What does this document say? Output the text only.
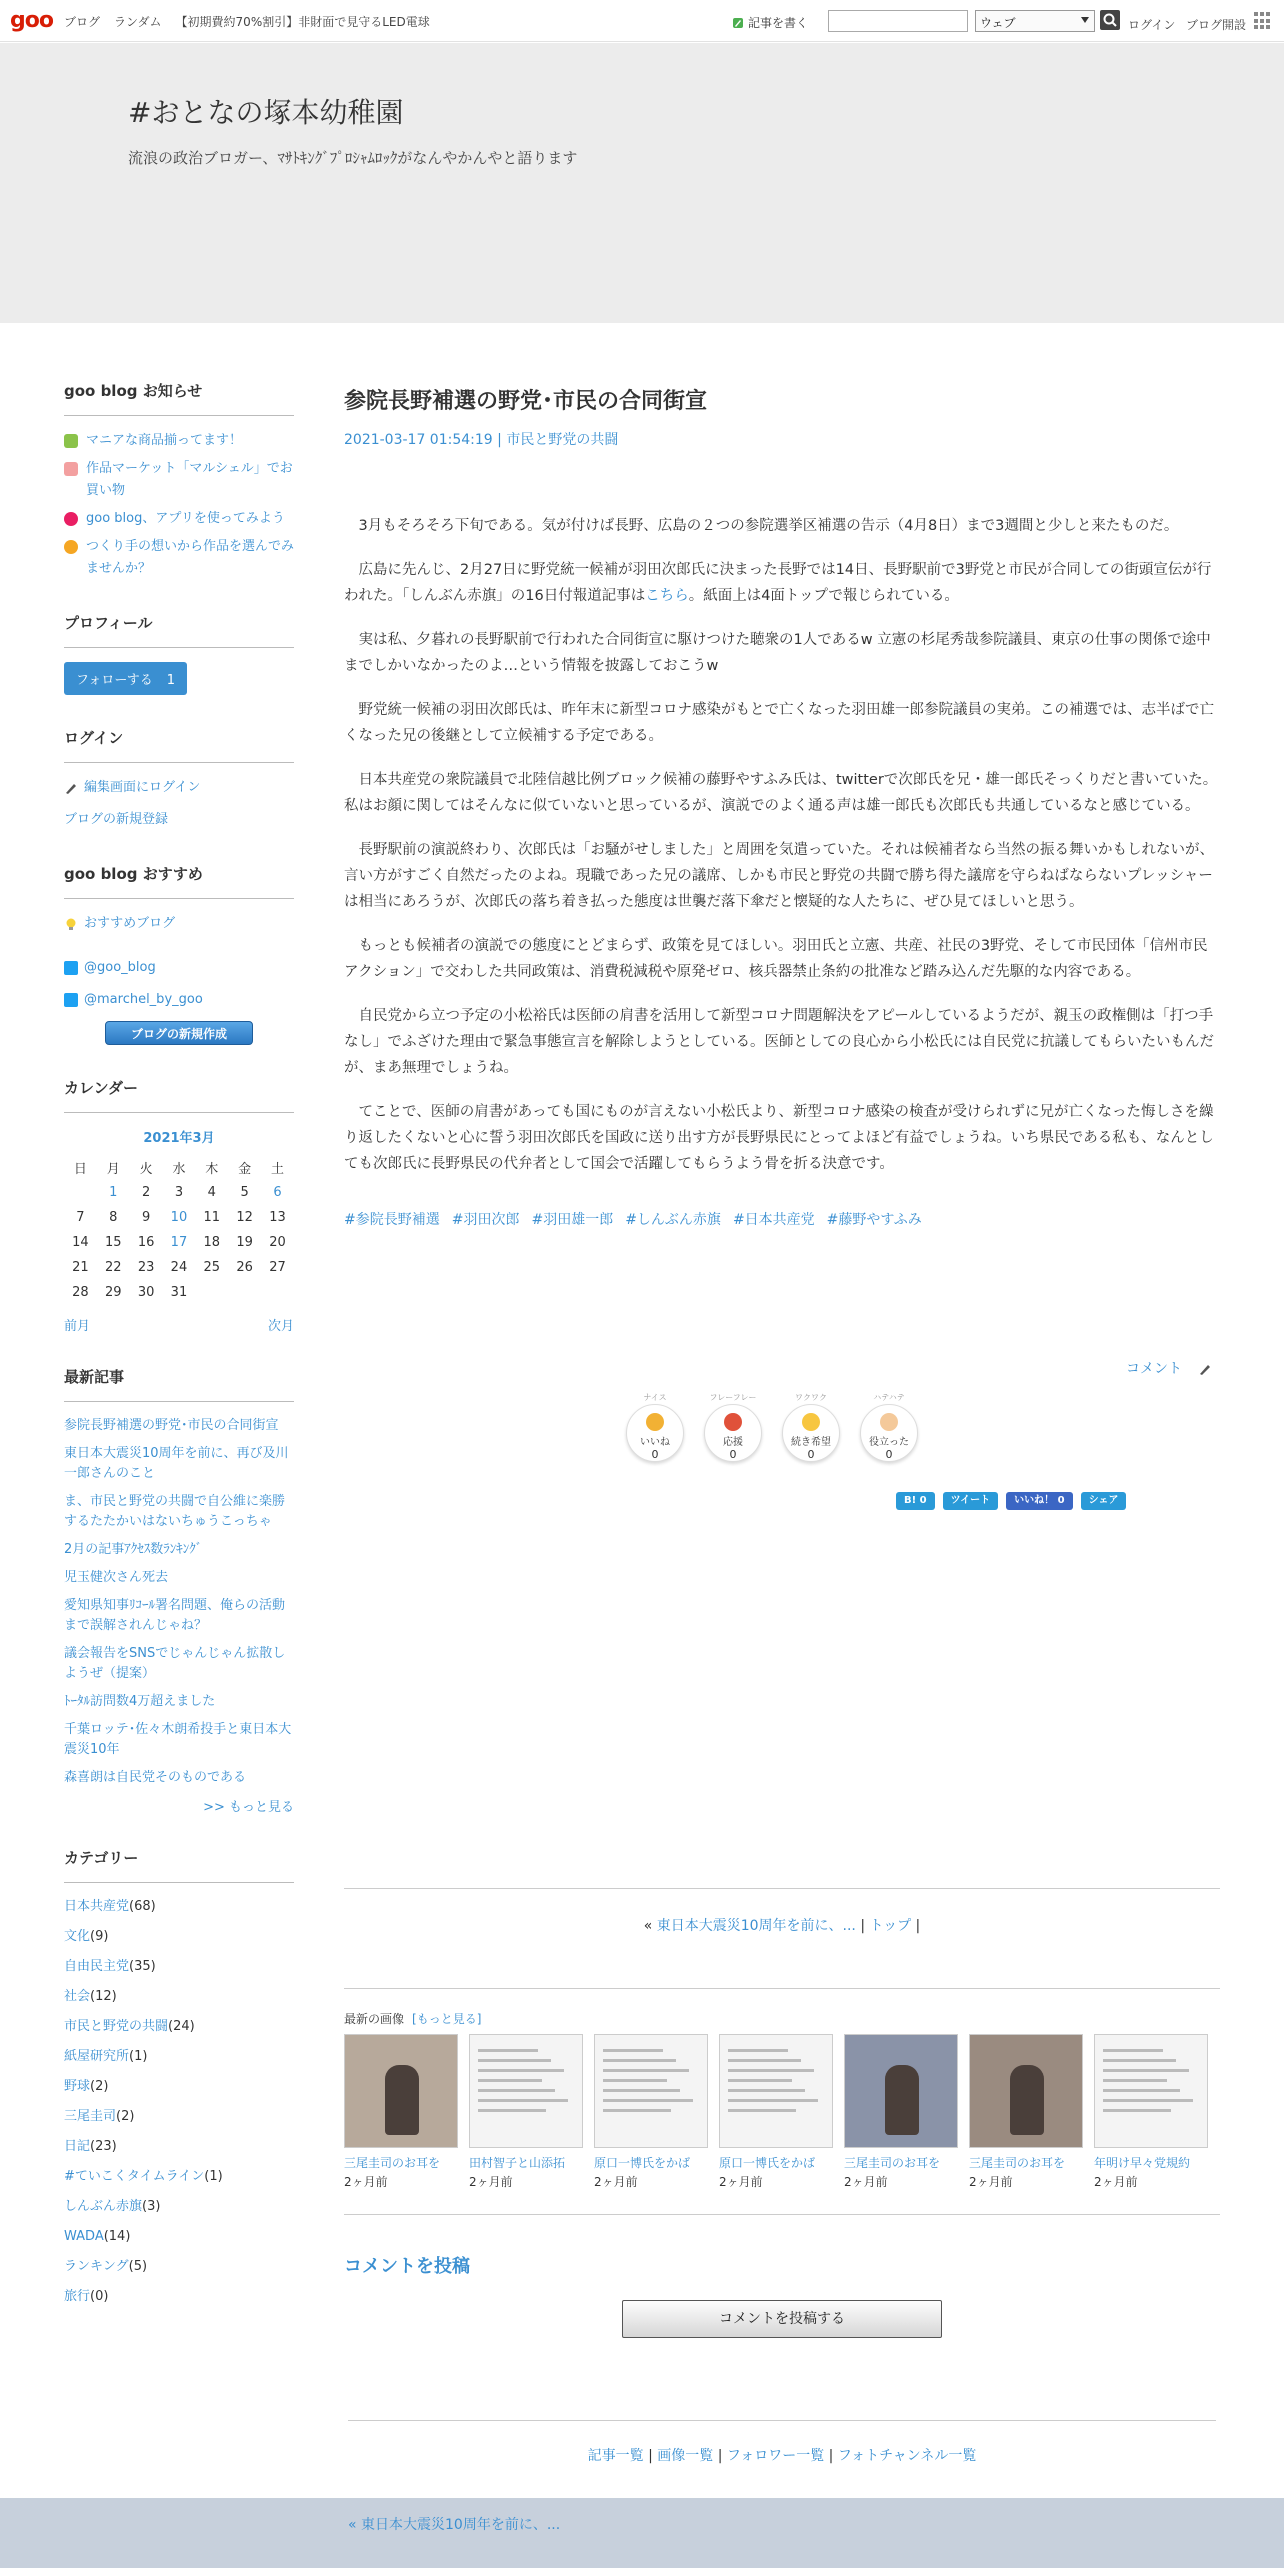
goo ブログ ランダム 【初期費約70%割引】非財面で見守るLED電球	記事を書く	ウェブ	ログイン ブログ開設
#おとなの塚本幼稚園
流浪の政治ブロガー、ﾏｻﾄｷﾝｸﾞﾌﾟﾛｼｬﾑﾛｯｸがなんやかんやと語ります
goo blog お知らせ
マニアな商品揃ってます！
作品マーケット「マルシェル」でお買い物
goo blog、アプリを使ってみよう
つくり手の想いから作品を選んでみませんか？
プロフィール
フォローする 1
ログイン
編集画面にログイン
ブログの新規登録
goo blog おすすめ
おすすめブログ
@goo_blog
@marchel_by_goo
ブログの新規作成
カレンダー
2021年3月
日	月	火	水	木	金	土
	1	2	3	4	5	6
7	8	9	10	11	12	13
14	15	16	17	18	19	20
21	22	23	24	25	26	27
28	29	30	31			
前月	次月
最新記事
参院長野補選の野党･市民の合同街宣
東日本大震災10周年を前に、再び及川一郎さんのこと
ま、市民と野党の共闘で自公維に楽勝するたたかいはないちゅうこっちゃ
2月の記事ｱｸｾｽ数ﾗﾝｷﾝｸﾞ
児玉健次さん死去
愛知県知事ﾘｺｰﾙ署名問題、俺らの活動まで誤解されんじゃね？
議会報告をSNSでじゃんじゃん拡散しようぜ（提案）
ﾄｰﾀﾙ訪問数4万超えました
千葉ロッテ･佐々木朗希投手と東日本大震災10年
森喜朗は自民党そのものである
>> もっと見る
カテゴリー
日本共産党(68)
文化(9)
自由民主党(35)
社会(12)
市民と野党の共闘(24)
紙屋研究所(1)
野球(2)
三尾圭司(2)
日記(23)
#ていこくタイムライン(1)
しんぶん赤旗(3)
WADA(14)
ランキング(5)
旅行(0)
参院長野補選の野党･市民の合同街宣
2021-03-17 01:54:19 | 市民と野党の共闘

3月もそろそろ下旬である。気が付けば長野、広島の２つの参院選挙区補選の告示（4月8日）まで3週間と少しと来たものだ。

広島に先んじ、2月27日に野党統一候補が羽田次郎氏に決まった長野では14日、長野駅前で3野党と市民が合同しての街頭宣伝が行われた。「しんぶん赤旗」の16日付報道記事はこちら。紙面上は4面トップで報じられている。

実は私、夕暮れの長野駅前で行われた合同街宣に駆けつけた聴衆の1人であるw 立憲の杉尾秀哉参院議員、東京の仕事の関係で途中までしかいなかったのよ…という情報を披露しておこうw

野党統一候補の羽田次郎氏は、昨年末に新型コロナ感染がもとで亡くなった羽田雄一郎参院議員の実弟。この補選では、志半ばで亡くなった兄の後継として立候補する予定である。

日本共産党の衆院議員で北陸信越比例ブロック候補の藤野やすふみ氏は、twitterで次郎氏を兄・雄一郎氏そっくりだと書いていた。私はお顔に関してはそんなに似ていないと思っているが、演説でのよく通る声は雄一郎氏も次郎氏も共通しているなと感じている。

長野駅前の演説終わり、次郎氏は「お騒がせしました」と周囲を気遣っていた。それは候補者なら当然の振る舞いかもしれないが、言い方がすごく自然だったのよね。現職であった兄の議席、しかも市民と野党の共闘で勝ち得た議席を守らねばならないプレッシャーは相当にあろうが、次郎氏の落ち着き払った態度は世襲だ落下傘だと懐疑的な人たちに、ぜひ見てほしいと思う。

もっとも候補者の演説での態度にとどまらず、政策を見てほしい。羽田氏と立憲、共産、社民の3野党、そして市民団体「信州市民アクション」で交わした共同政策は、消費税減税や原発ゼロ、核兵器禁止条約の批准など踏み込んだ先駆的な内容である。

自民党から立つ予定の小松裕氏は医師の肩書を活用して新型コロナ問題解決をアピールしているようだが、親玉の政権側は「打つ手なし」でふざけた理由で緊急事態宣言を解除しようとしている。医師としての良心から小松氏には自民党に抗議してもらいたいもんだが、まあ無理でしょうね。

てことで、医師の肩書があっても国にものが言えない小松氏より、新型コロナ感染の検査が受けられずに兄が亡くなった悔しさを繰り返したくないと心に誓う羽田次郎氏を国政に送り出す方が長野県民にとってよほど有益でしょうね。いち県民である私も、なんとしても次郎氏に長野県民の代弁者として国会で活躍してもらうよう骨を折る決意です。

#参院長野補選 #羽田次郎 #羽田雄一郎 #しんぶん赤旗 #日本共産党 #藤野やすふみ
コメント
ナイス
いいね
0
フレーフレー
応援
0
ワクワク
続き希望
0
ハテハテ
役立った
0
B! 0	ツイート	いいね！ 0	シェア
« 東日本大震災10周年を前に、... | トップ |
最新の画像 [もっと見る]
三尾圭司のお耳を
2ヶ月前
田村智子と山添拓
2ヶ月前
原口一博氏をかば
2ヶ月前
原口一博氏をかば
2ヶ月前
三尾圭司のお耳を
2ヶ月前
三尾圭司のお耳を
2ヶ月前
年明け早々党規約
2ヶ月前
コメントを投稿
コメントを投稿する
記事一覧 | 画像一覧 | フォロワー一覧 | フォトチャンネル一覧
« 東日本大震災10周年を前に、...
